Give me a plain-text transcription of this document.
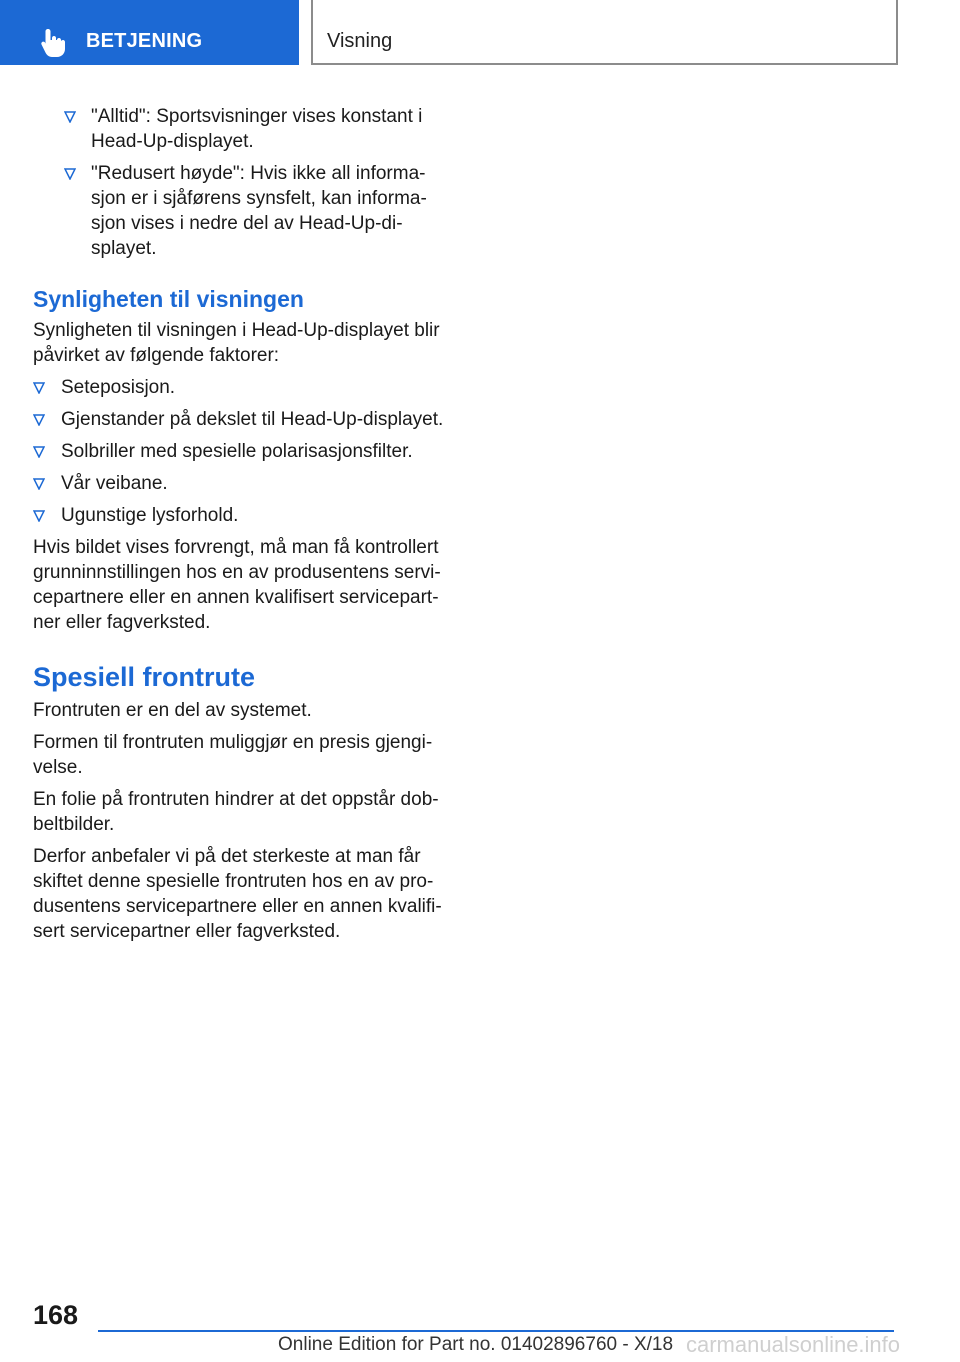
BETJENING	Visning
"Alltid": Sportsvisninger vises konstant i Head-Up-displayet.
"Redusert høyde": Hvis ikke all informa-sjon er i sjåførens synsfelt, kan informa-sjon vises i nedre del av Head-Up-di-splayet.
Synligheten til visningen

Synligheten til visningen i Head-Up-displayet blir påvirket av følgende faktorer:

Seteposisjon.
Gjenstander på dekslet til Head-Up-displayet.
Solbriller med spesielle polarisasjonsfilter.
Vår veibane.
Ugunstige lysforhold.

Hvis bildet vises forvrengt, må man få kontrollert grunninnstillingen hos en av produsentens servi-cepartnere eller en annen kvalifisert servicepart-ner eller fagverksted.

Spesiell frontrute

Frontruten er en del av systemet.

Formen til frontruten muliggjør en presis gjengi-velse.

En folie på frontruten hindrer at det oppstår dob-beltbilder.

Derfor anbefaler vi på det sterkeste at man får skiftet denne spesielle frontruten hos en av pro-dusentens servicepartnere eller en annen kvalifi-sert servicepartner eller fagverksted.

168
Online Edition for Part no. 01402896760 - X/18 carmanualsonline.info
